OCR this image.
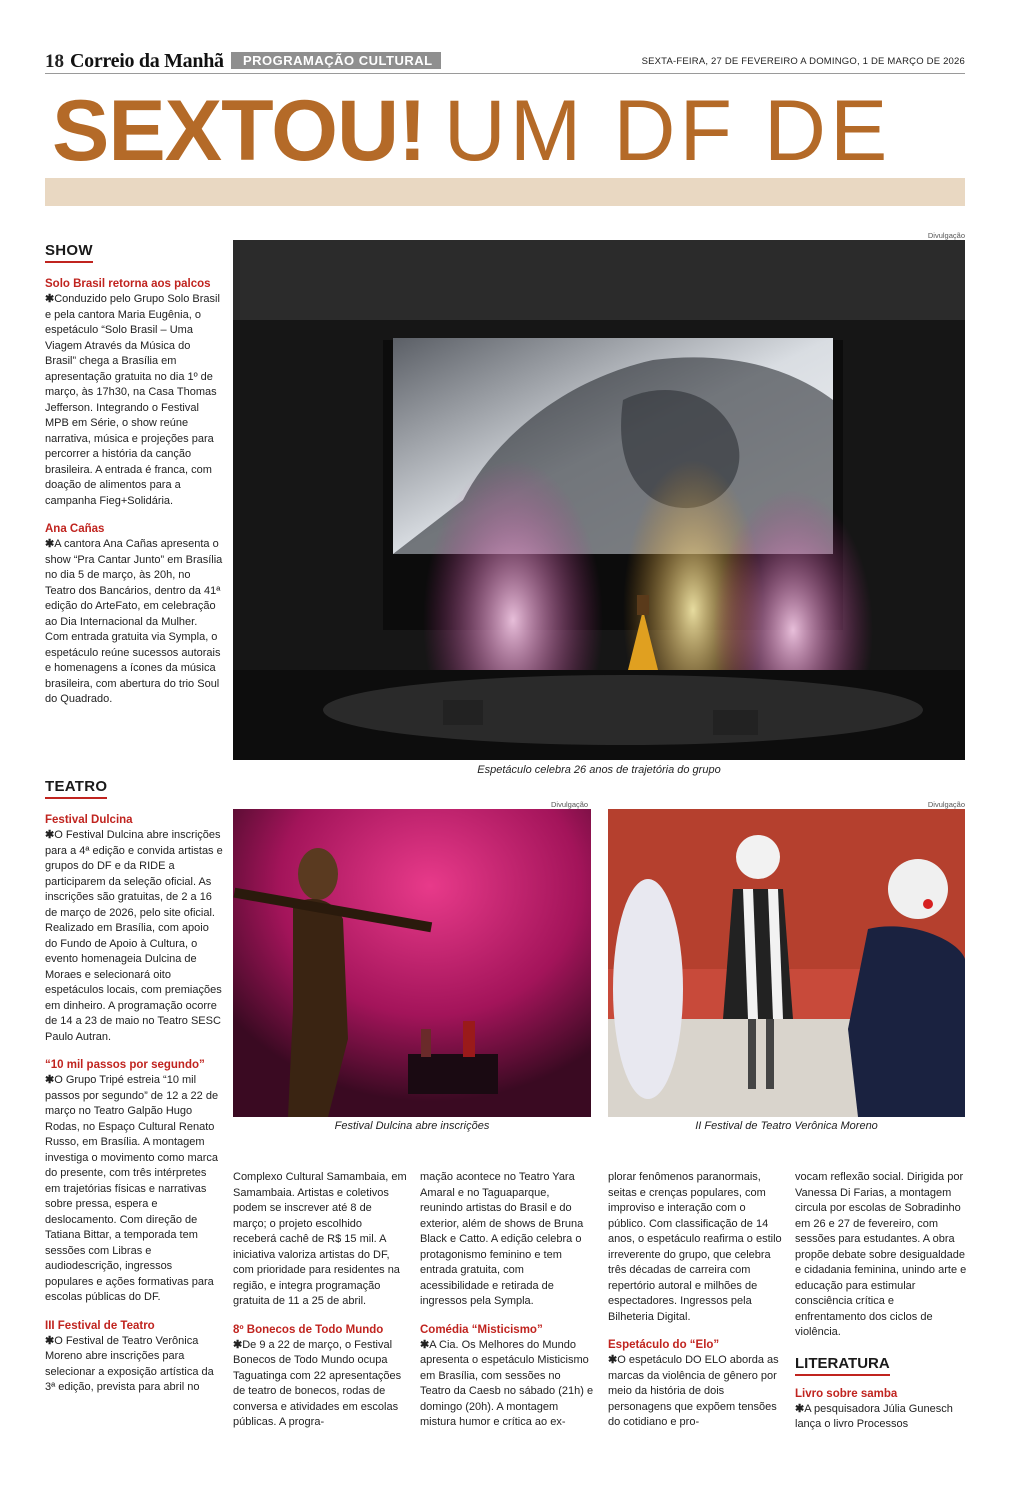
18 Correio da Manhã	PROGRAMAÇÃO CULTURAL	SEXTA-FEIRA, 27 DE FEVEREIRO A DOMINGO, 1 DE MARÇO DE 2026
SEXTOU! UM DF DE
SHOW
Solo Brasil retorna aos palcos
✱Conduzido pelo Grupo Solo Brasil e pela cantora Maria Eugênia, o espetáculo “Solo Brasil – Uma Viagem Através da Música do Brasil” chega a Brasília em apresentação gratuita no dia 1º de março, às 17h30, na Casa Thomas Jefferson. Integrando o Festival MPB em Série, o show reúne narrativa, música e projeções para percorrer a história da canção brasileira. A entrada é franca, com doação de alimentos para a campanha Fieg+Solidária.
Ana Cañas
✱A cantora Ana Cañas apresenta o show “Pra Cantar Junto” em Brasília no dia 5 de março, às 20h, no Teatro dos Bancários, dentro da 41ª edição do ArteFato, em celebração ao Dia Internacional da Mulher. Com entrada gratuita via Sympla, o espetáculo reúne sucessos autorais e homenagens a ícones da música brasileira, com abertura do trio Soul do Quadrado.
TEATRO
Festival Dulcina
✱O Festival Dulcina abre inscrições para a 4ª edição e convida artistas e grupos do DF e da RIDE a participarem da seleção oficial. As inscrições são gratuitas, de 2 a 16 de março de 2026, pelo site oficial. Realizado em Brasília, com apoio do Fundo de Apoio à Cultura, o evento homenageia Dulcina de Moraes e selecionará oito espetáculos locais, com premiações em dinheiro. A programação ocorre de 14 a 23 de maio no Teatro SESC Paulo Autran.
“10 mil passos por segundo”
✱O Grupo Tripé estreia “10 mil passos por segundo” de 12 a 22 de março no Teatro Galpão Hugo Rodas, no Espaço Cultural Renato Russo, em Brasília. A montagem investiga o movimento como marca do presente, com três intérpretes em trajetórias físicas e narrativas sobre pressa, espera e deslocamento. Com direção de Tatiana Bittar, a temporada tem sessões com Libras e audiodescrição, ingressos populares e ações formativas para escolas públicas do DF.
III Festival de Teatro
✱O Festival de Teatro Verônica Moreno abre inscrições para selecionar a exposição artística da 3ª edição, prevista para abril no
Divulgação
Espetáculo celebra 26 anos de trajetória do grupo
Divulgação
Festival Dulcina abre inscrições
Divulgação
II Festival de Teatro Verônica Moreno
Complexo Cultural Samambaia, em Samambaia. Artistas e coletivos podem se inscrever até 8 de março; o projeto escolhido receberá cachê de R$ 15 mil. A iniciativa valoriza artistas do DF, com prioridade para residentes na região, e integra programação gratuita de 11 a 25 de abril.
8º Bonecos de Todo Mundo
✱De 9 a 22 de março, o Festival Bonecos de Todo Mundo ocupa Taguatinga com 22 apresentações de teatro de bonecos, rodas de conversa e atividades em escolas públicas. A progra-
mação acontece no Teatro Yara Amaral e no Taguaparque, reunindo artistas do Brasil e do exterior, além de shows de Bruna Black e Catto. A edição celebra o protagonismo feminino e tem entrada gratuita, com acessibilidade e retirada de ingressos pela Sympla.
Comédia “Misticismo”
✱A Cia. Os Melhores do Mundo apresenta o espetáculo Misticismo em Brasília, com sessões no Teatro da Caesb no sábado (21h) e domingo (20h). A montagem mistura humor e crítica ao ex-
plorar fenômenos paranormais, seitas e crenças populares, com improviso e interação com o público. Com classificação de 14 anos, o espetáculo reafirma o estilo irreverente do grupo, que celebra três décadas de carreira com repertório autoral e milhões de espectadores. Ingressos pela Bilheteria Digital.
Espetáculo do “Elo”
✱O espetáculo DO ELO aborda as marcas da violência de gênero por meio da história de dois personagens que expõem tensões do cotidiano e pro-
vocam reflexão social. Dirigida por Vanessa Di Farias, a montagem circula por escolas de Sobradinho em 26 e 27 de fevereiro, com sessões para estudantes. A obra propõe debate sobre desigualdade e cidadania feminina, unindo arte e educação para estimular consciência crítica e enfrentamento dos ciclos de violência.
LITERATURA
Livro sobre samba
✱A pesquisadora Júlia Gunesch lança o livro Processos
